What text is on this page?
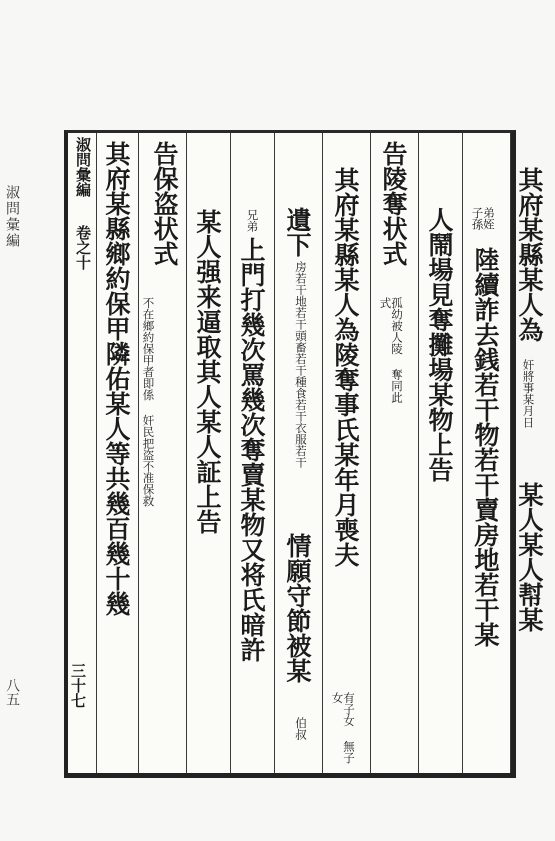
淑問彙編
八五
淑問彙編卷之十
三十七
其府某縣鄉約保甲隣佑某人等共幾百幾十幾 告保盗状式
不在鄉約保甲者即係 奸民把盗不准保救 某人强来逼取其人某人証上告 兄弟
上門打幾次罵幾次奪賣某物又将氏暗許
遺下
房若干地若干頭畜若干種食若干衣服若干
情願守節被某
伯叔
其府某縣某人為陵奪事氏某年月喪夫
有子女 無子女
告陵奪状式
孤幼被人陵 奪同此式	人鬧場見奪攤場某物上告	弟姪 子孫
陸續詐去銭若干物若干賣房地若干某 其府某縣某人為
奸將事某月日
某人某人幇某
